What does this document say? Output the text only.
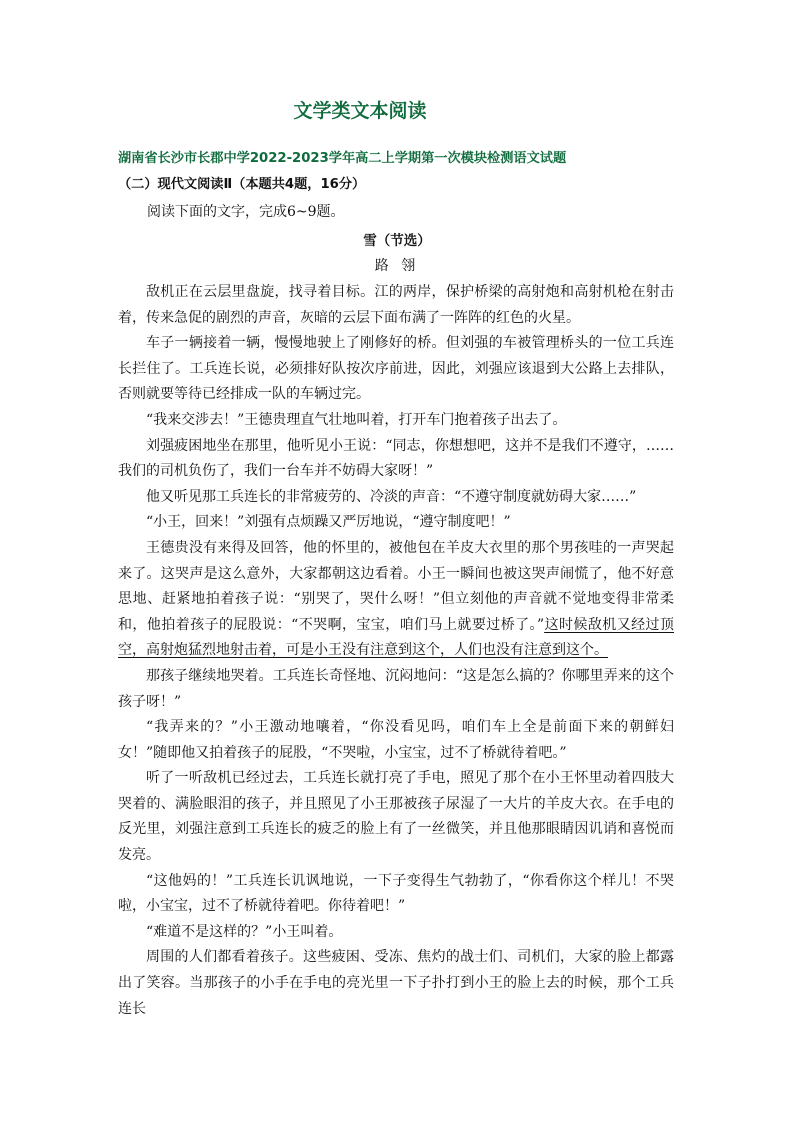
文学类文本阅读
湖南省长沙市长郡中学2022-2023学年高二上学期第一次模块检测语文试题
（二）现代文阅读Ⅱ（本题共4题，16分）
阅读下面的文字，完成6~9题。
雪（节选）
路 翎

敌机正在云层里盘旋，找寻着目标。江的两岸，保护桥梁的高射炮和高射机枪在射击着，传来急促的剧烈的声音，灰暗的云层下面布满了一阵阵的红色的火星。

车子一辆接着一辆，慢慢地驶上了刚修好的桥。但刘强的车被管理桥头的一位工兵连长拦住了。工兵连长说，必须排好队按次序前进，因此，刘强应该退到大公路上去排队，否则就要等待已经排成一队的车辆过完。

“我来交涉去！”王德贵理直气壮地叫着，打开车门抱着孩子出去了。

刘强疲困地坐在那里，他听见小王说：“同志，你想想吧，这并不是我们不遵守，……我们的司机负伤了，我们一台车并不妨碍大家呀！”

他又听见那工兵连长的非常疲劳的、冷淡的声音：“不遵守制度就妨碍大家……”

“小王，回来！”刘强有点烦躁又严厉地说，“遵守制度吧！”

王德贵没有来得及回答，他的怀里的，被他包在羊皮大衣里的那个男孩哇的一声哭起来了。这哭声是这么意外，大家都朝这边看着。小王一瞬间也被这哭声闹慌了，他不好意思地、赶紧地拍着孩子说：“别哭了，哭什么呀！”但立刻他的声音就不觉地变得非常柔和，他拍着孩子的屁股说：“不哭啊，宝宝，咱们马上就要过桥了。”这时候敌机又经过顶空，高射炮猛烈地射击着，可是小王没有注意到这个，人们也没有注意到这个。

那孩子继续地哭着。工兵连长奇怪地、沉闷地问：“这是怎么搞的？你哪里弄来的这个孩子呀！”

“我弄来的？”小王激动地嚷着，“你没看见吗，咱们车上全是前面下来的朝鲜妇女！”随即他又拍着孩子的屁股，“不哭啦，小宝宝，过不了桥就待着吧。”

听了一听敌机已经过去，工兵连长就打亮了手电，照见了那个在小王怀里动着四肢大哭着的、满脸眼泪的孩子，并且照见了小王那被孩子尿湿了一大片的羊皮大衣。在手电的反光里，刘强注意到工兵连长的疲乏的脸上有了一丝微笑，并且他那眼睛因讥诮和喜悦而发亮。

“这他妈的！”工兵连长讥讽地说，一下子变得生气勃勃了，“你看你这个样儿！不哭啦，小宝宝，过不了桥就待着吧。你待着吧！”

“难道不是这样的？”小王叫着。

周围的人们都看着孩子。这些疲困、受冻、焦灼的战士们、司机们，大家的脸上都露出了笑容。当那孩子的小手在手电的亮光里一下子扑打到小王的脸上去的时候，那个工兵连长
